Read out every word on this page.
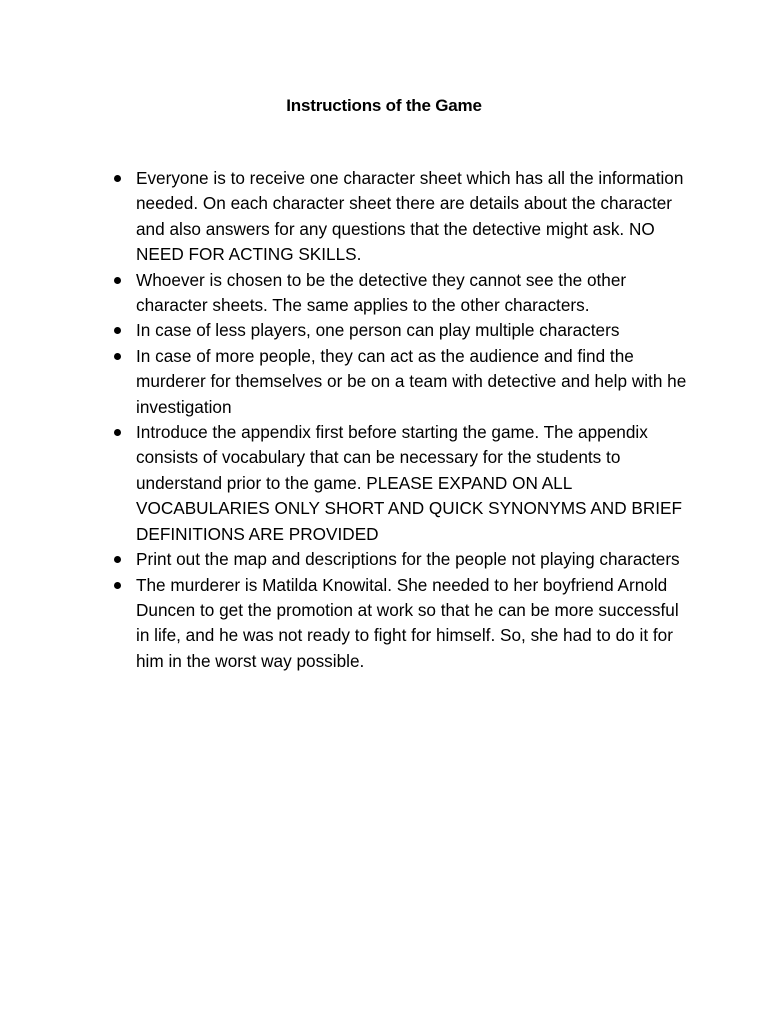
Instructions of the Game
Everyone is to receive one character sheet which has all the information needed. On each character sheet there are details about the character and also answers for any questions that the detective might ask. NO NEED FOR ACTING SKILLS.
Whoever is chosen to be the detective they cannot see the other character sheets. The same applies to the other characters.
In case of less players, one person can play multiple characters
In case of more people, they can act as the audience and find the murderer for themselves or be on a team with detective and help with he investigation
Introduce the appendix first before starting the game. The appendix consists of vocabulary that can be necessary for the students to understand prior to the game. PLEASE EXPAND ON ALL VOCABULARIES ONLY SHORT AND QUICK SYNONYMS AND BRIEF DEFINITIONS ARE PROVIDED
Print out the map and descriptions for the people not playing characters
The murderer is Matilda Knowital. She needed to her boyfriend Arnold Duncen to get the promotion at work so that he can be more successful in life, and he was not ready to fight for himself. So, she had to do it for him in the worst way possible.
